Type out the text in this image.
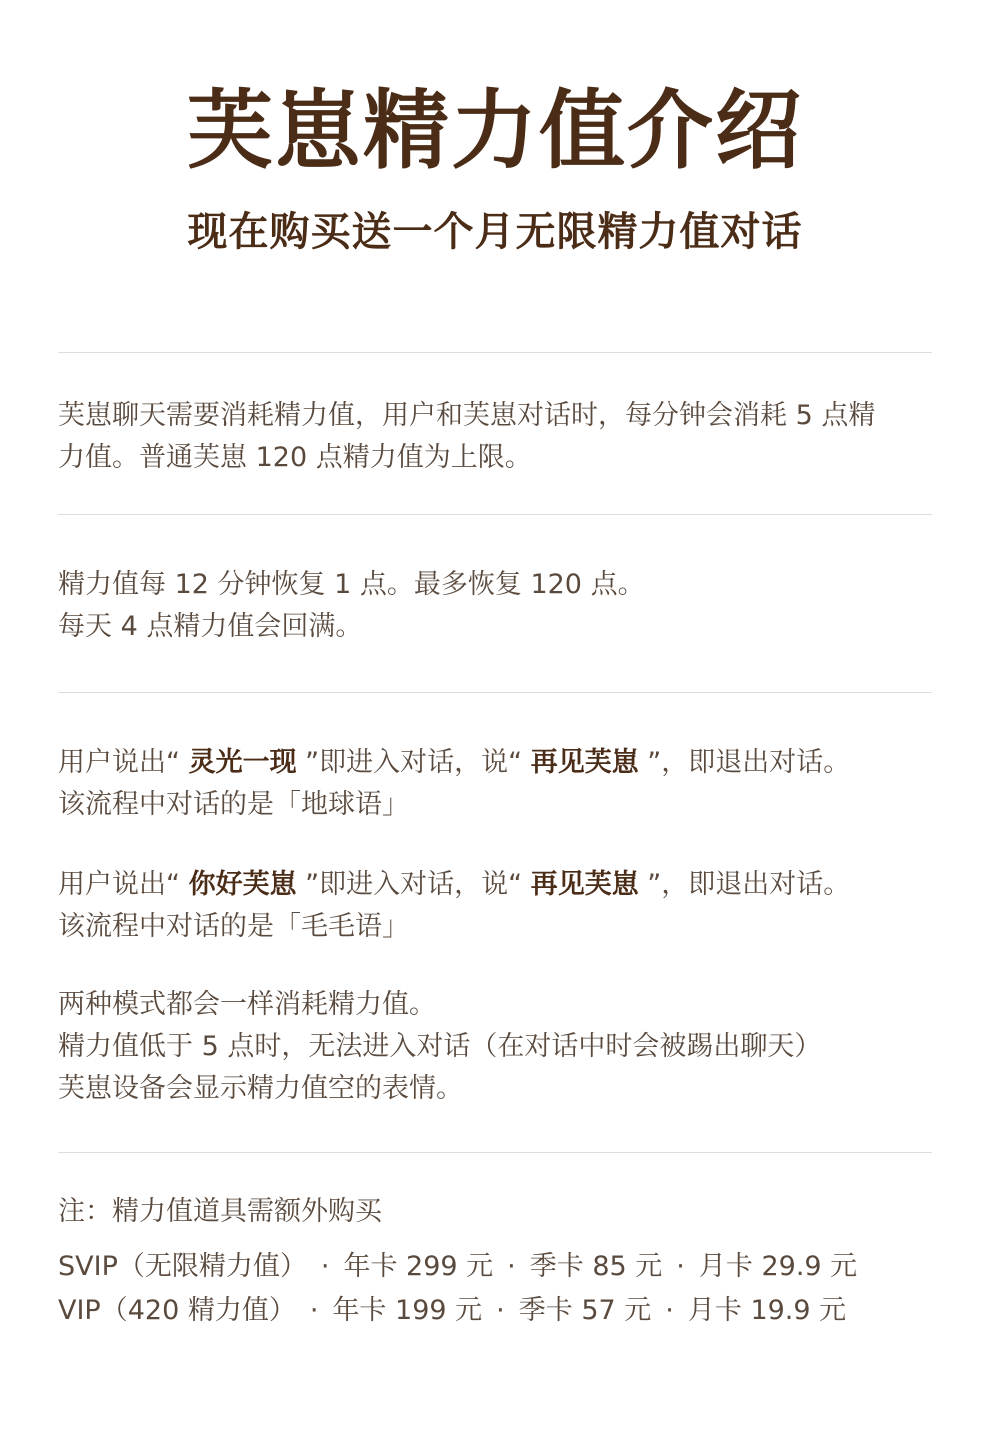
芙崽精力值介绍
现在购买送一个月无限精力值对话
芙崽聊天需要消耗精力值，用户和芙崽对话时，每分钟会消耗 5 点精
力值。普通芙崽 120 点精力值为上限。
精力值每 12 分钟恢复 1 点。最多恢复 120 点。
每天 4 点精力值会回满。
用户说出“ 灵光一现 ”即进入对话，说“ 再见芙崽 ”，即退出对话。
该流程中对话的是「地球语」
用户说出“ 你好芙崽 ”即进入对话，说“ 再见芙崽 ”，即退出对话。
该流程中对话的是「毛毛语」
两种模式都会一样消耗精力值。
精力值低于 5 点时，无法进入对话（在对话中时会被踢出聊天）
芙崽设备会显示精力值空的表情。
注：精力值道具需额外购买
SVIP（无限精力值） · 年卡 299 元 · 季卡 85 元 · 月卡 29.9 元
VIP（420 精力值） · 年卡 199 元 · 季卡 57 元 · 月卡 19.9 元
